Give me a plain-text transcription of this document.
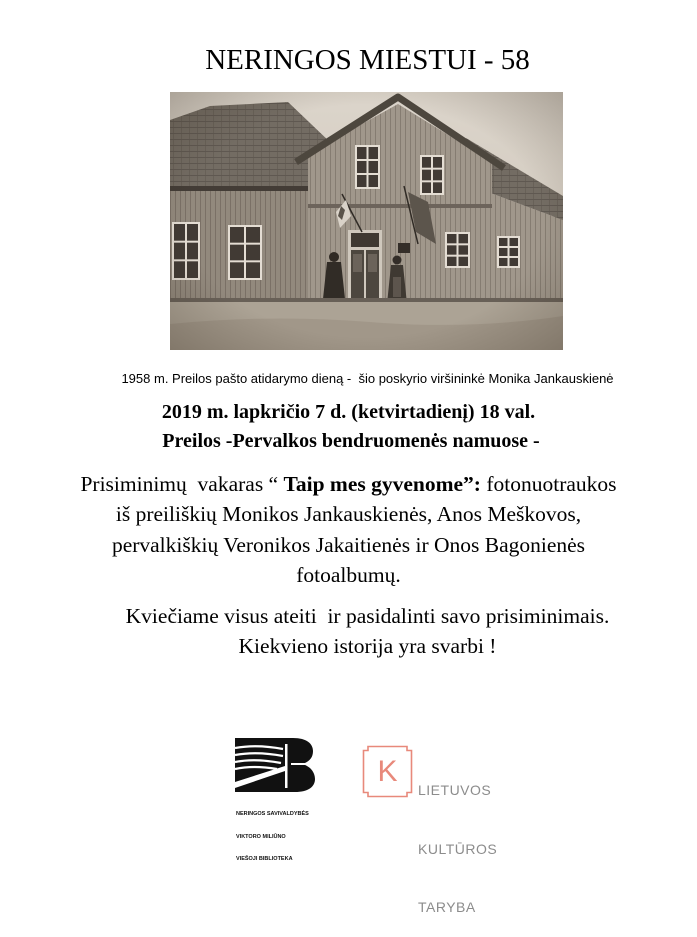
NERINGOS MIESTUI - 58

1958 m. Preilos pašto atidarymo dieną -  šio poskyrio viršininkė Monika Jankauskienė

2019 m. lapkričio 7 d. (ketvirtadienį) 18 val.

Preilos -Pervalkos bendruomenės namuose -

Prisiminimų  vakaras “ Taip mes gyvenome”: fotonuotraukos

iš preiliškių Monikos Jankauskienės, Anos Meškovos,

pervalkiškių Veronikos Jakaitienės ir Onos Bagonienės

fotoalbumų.

Kviečiame visus ateiti  ir pasidalinti savo prisiminimais.

Kiekvieno istorija yra svarbi !

NERINGOS SAVIVALDYBĖS

VIKTORO MILIŪNO

VIEŠOJI BIBLIOTEKA

K

LIETUVOS

KULTŪROS

TARYBA
